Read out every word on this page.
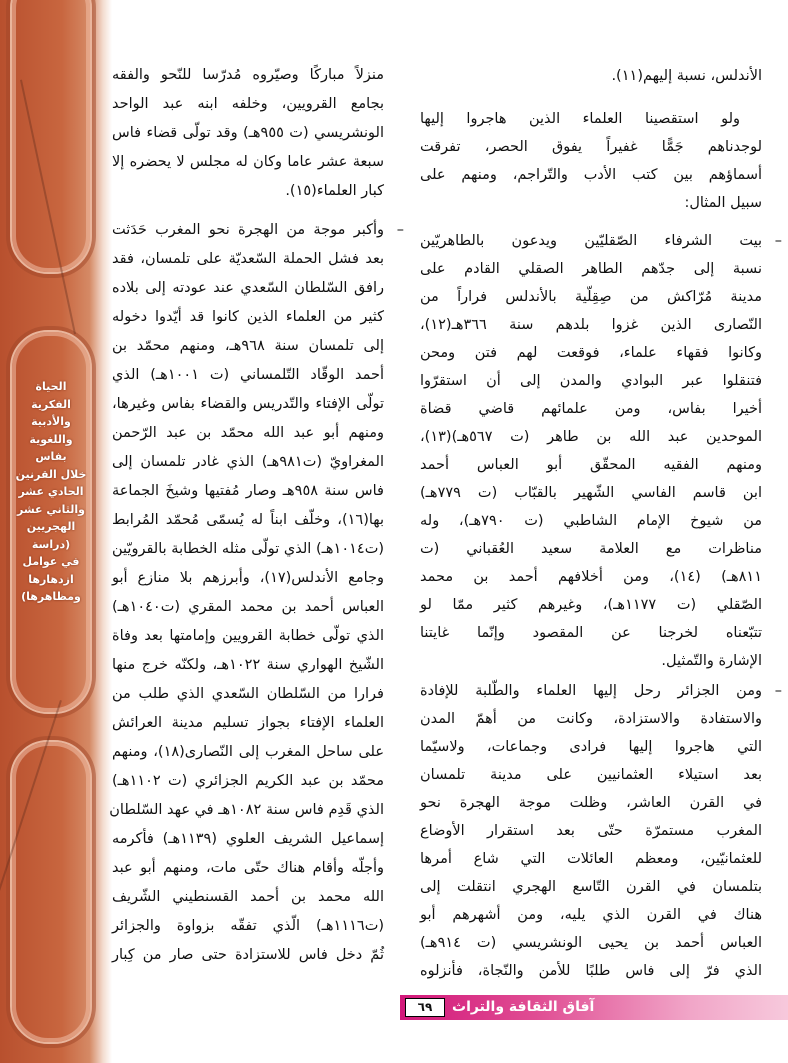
الحياة
الفكرية
والأدبية
واللغوية
بفاس
خلال القرنين
الحادي عشر
والثاني عشر
الهجريين
(دراسة
في عوامل
ازدهارها
ومظاهرها)
الأندلس، نسبة إليهم(١١).
ولو استقصينا العلماء الذين هاجروا إليها
لوجدناهم جَمًّا غفيراً يفوق الحصر، تفرقت
أسماؤهم بين كتب الأدب والتّراجم، ومنهم على
سبيل المثال:
–
بيت الشرفاء الصّقليّين ويدعون بالطاهريّين
نسبة إلى جدّهم الطاهر الصقلي القادم على
مدينة مُرّاكش من صِقِلّية بالأندلس فراراً من
النّصارى الذين غزوا بلدهم سنة ٣٦٦هـ(١٢)،
وكانوا فقهاء علماء، فوقعت لهم فتن ومحن
فتنقلوا عبر البوادي والمدن إلى أن استقرّوا
أخيرا بفاس، ومن علمائهم قاضي قضاة
الموحدين عبد الله بن طاهر (ت ٥٦٧هـ)(١٣)،
ومنهم الفقيه المحقّق أبو العباس أحمد
ابن قاسم الفاسي الشّهير بالقبّاب (ت ٧٧٩هـ)
من شيوخ الإمام الشاطبي (ت ٧٩٠هـ)، وله
مناظرات مع العلامة سعيد العُقباني (ت
٨١١هـ) (١٤)، ومن أخلافهم أحمد بن محمد
الصّقلي (ت ١١٧٧هـ)، وغيرهم كثير ممّا لو
تتبّعناه لخرجنا عن المقصود وإنّما غايتنا
الإشارة والتّمثيل.
–
ومن الجزائر رحل إليها العلماء والطّلبة للإفادة
والاستفادة والاستزادة، وكانت من أهمّ المدن
التي هاجروا إليها فرادى وجماعات، ولاسيّما
بعد استيلاء العثمانيين على مدينة تلمسان
في القرن العاشر، وظلت موجة الهجرة نحو
المغرب مستمرّة حتّى بعد استقرار الأوضاع
للعثمانيّين، ومعظم العائلات التي شاع أمرها
بتلمسان في القرن التّاسع الهجري انتقلت إلى
هناك في القرن الذي يليه، ومن أشهرهم أبو
العباس أحمد بن يحيى الونشريسي (ت ٩١٤هـ)
الذي فرّ إلى فاس طلبًا للأمن والنّجاة، فأنزلوه
منزلاً مباركًا وصيّروه مُدرّسا للنّحو والفقه
بجامع القرويين، وخلفه ابنه عبد الواحد
الونشريسي (ت ٩٥٥هـ) وقد تولّى قضاء فاس
سبعة عشر عاما وكان له مجلس لا يحضره إلا
كبار العلماء(١٥).
–
وأكبر موجة من الهجرة نحو المغرب حَدَثت
بعد فشل الحملة السّعديّة على تلمسان، فقد
رافق السّلطان السّعدي عند عودته إلى بلاده
كثير من العلماء الذين كانوا قد أيّدوا دخوله
إلى تلمسان سنة ٩٦٨هـ، ومنهم محمّد بن
أحمد الوقّاد التّلمساني (ت ١٠٠١هـ) الذي
تولّى الإفتاء والتّدريس والقضاء بفاس وغيرها،
ومنهم أبو عبد الله محمّد بن عبد الرّحمن
المغراويّ (ت٩٨١هـ) الذي غادر تلمسان إلى
فاس سنة ٩٥٨هـ وصار مُفتيها وشيخَ الجماعة
بها(١٦)، وخلّف ابناً له يُسمّى مُحمّد المُرابط
(ت١٠١٤هـ) الذي تولّى مثله الخطابة بالقرويّين
وجامع الأندلس(١٧)، وأبرزهم بلا منازع أبو
العباس أحمد بن محمد المقري (ت١٠٤٠هـ)
الذي تولّى خطابة القرويين وإمامتها بعد وفاة
الشّيخ الهواري سنة ١٠٢٢هـ، ولكنّه خرج منها
فرارا من السّلطان السّعدي الذي طلب من
العلماء الإفتاء بجواز تسليم مدينة العرائش
على ساحل المغرب إلى النّصارى(١٨)، ومنهم
محمّد بن عبد الكريم الجزائري (ت ١١٠٢هـ)
الذي قَدِم فاس سنة ١٠٨٢هـ في عهد السّلطان
إسماعيل الشريف العلوي (١١٣٩هـ) فأكرمه
وأجلّه وأقام هناك حتّى مات، ومنهم أبو عبد
الله محمد بن أحمد القسنطيني الشّريف
(ت١١١٦هـ) الّذي تفقّه بزواوة والجزائر
ثُمّ دخل فاس للاستزادة حتى صار من كِبار
٦٩	آفاق الثقافة والتراث
